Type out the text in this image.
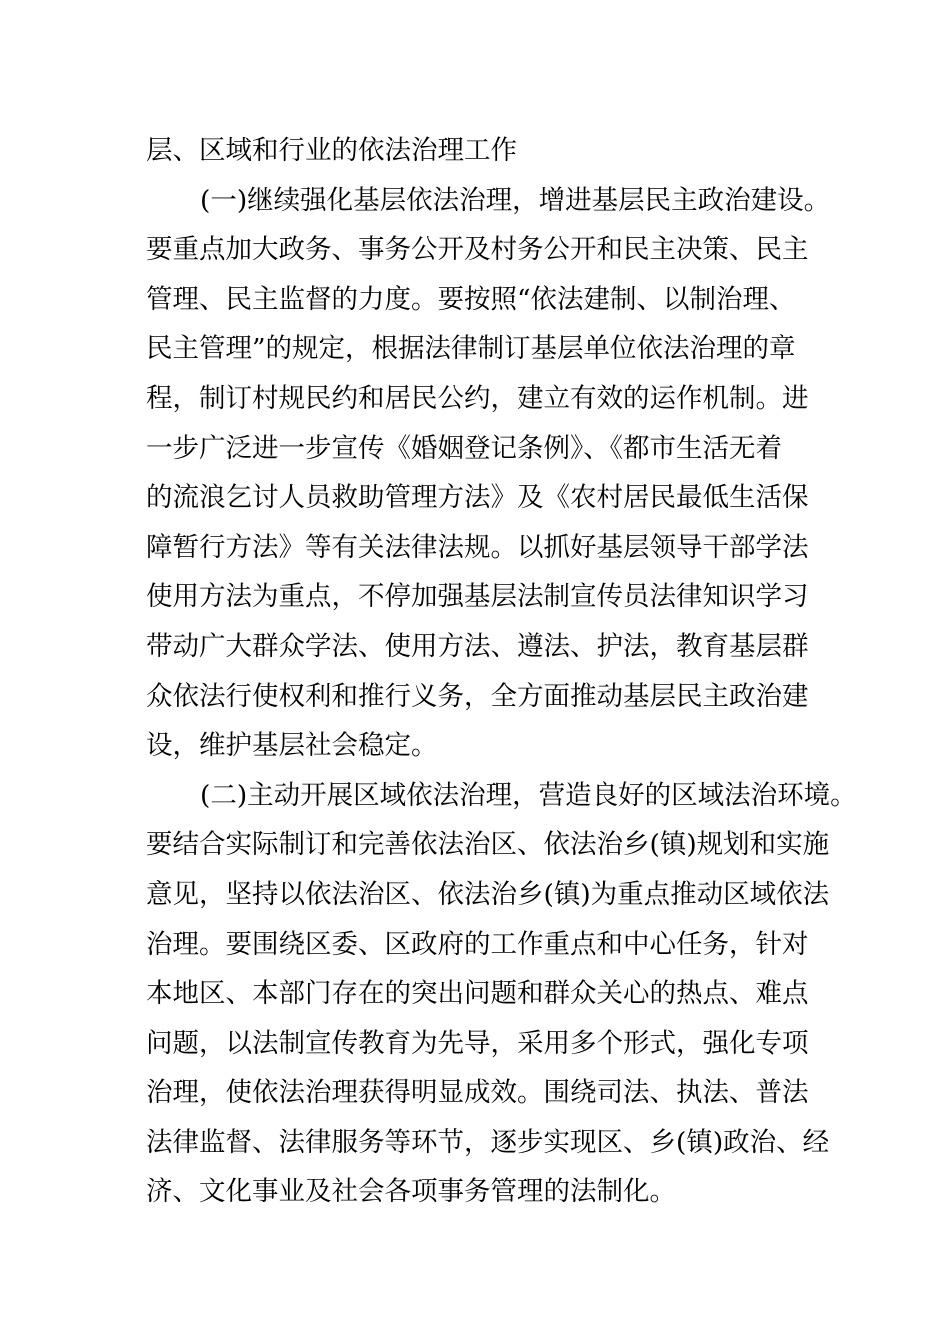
层、区域和行业的依法治理工作
(一)继续强化基层依法治理，增进基层民主政治建设。
要重点加大政务、事务公开及村务公开和民主决策、民主
管理、民主监督的力度。要按照“依法建制、以制治理、
民主管理”的规定，根据法律制订基层单位依法治理的章
程，制订村规民约和居民公约，建立有效的运作机制。进
一步广泛进一步宣传《婚姻登记条例》、《都市生活无着
的流浪乞讨人员救助管理方法》及《农村居民最低生活保
障暂行方法》等有关法律法规。以抓好基层领导干部学法
使用方法为重点，不停加强基层法制宣传员法律知识学习
带动广大群众学法、使用方法、遵法、护法，教育基层群
众依法行使权利和推行义务，全方面推动基层民主政治建
设，维护基层社会稳定。
(二)主动开展区域依法治理，营造良好的区域法治环境。
要结合实际制订和完善依法治区、依法治乡(镇)规划和实施
意见，坚持以依法治区、依法治乡(镇)为重点推动区域依法
治理。要围绕区委、区政府的工作重点和中心任务，针对
本地区、本部门存在的突出问题和群众关心的热点、难点
问题，以法制宣传教育为先导，采用多个形式，强化专项
治理，使依法治理获得明显成效。围绕司法、执法、普法
法律监督、法律服务等环节，逐步实现区、乡(镇)政治、经
济、文化事业及社会各项事务管理的法制化。
